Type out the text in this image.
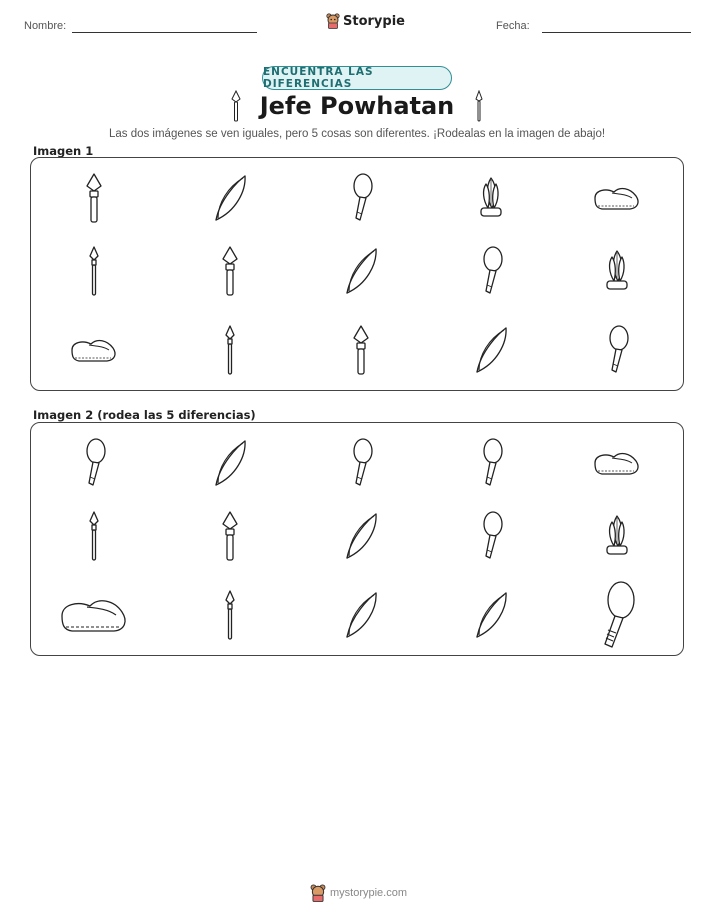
Nombre:	Storypie	Fecha:
ENCUENTRA LAS DIFERENCIAS
Jefe Powhatan
Las dos imágenes se ven iguales, pero 5 cosas son diferentes. ¡Rodealas en la imagen de abajo!
Imagen 1
Imagen 2 (rodea las 5 diferencias)
mystorypie.com
